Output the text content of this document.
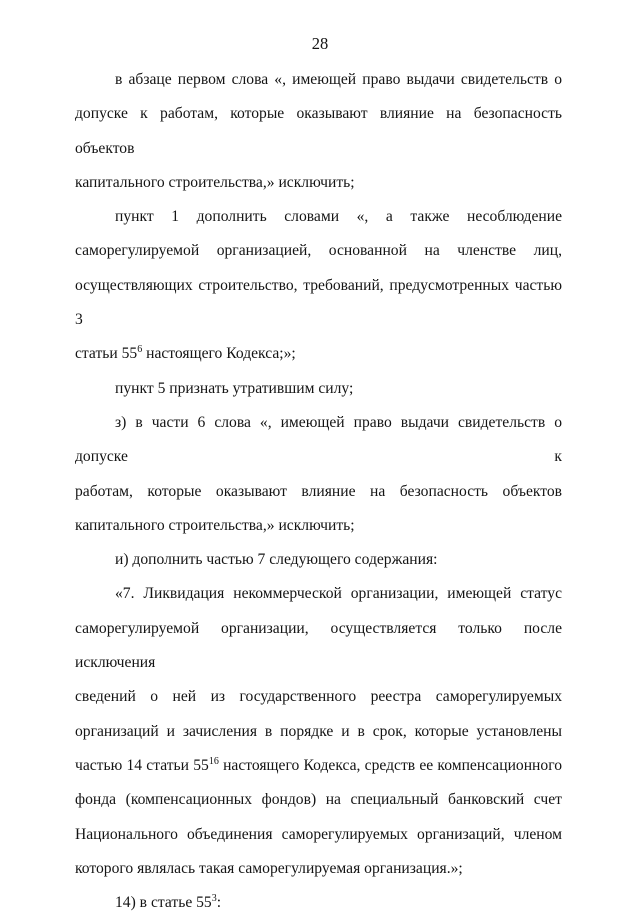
28
в абзаце первом слова «, имеющей право выдачи свидетельств о
допуске к работам, которые оказывают влияние на безопасность объектов
капитального строительства,» исключить;
пункт 1 дополнить словами «, а также несоблюдение
саморегулируемой организацией, основанной на членстве лиц,
осуществляющих строительство, требований, предусмотренных частью 3
статьи $55^6$ настоящего Кодекса;»;
пункт 5 признать утратившим силу;
з) в части 6 слова «, имеющей право выдачи свидетельств о допуске к
работам, которые оказывают влияние на безопасность объектов
капитального строительства,» исключить;
и) дополнить частью 7 следующего содержания:
«7. Ликвидация некоммерческой организации, имеющей статус
саморегулируемой организации, осуществляется только после исключения
сведений о ней из государственного реестра саморегулируемых
организаций и зачисления в порядке и в срок, которые установлены
частью 14 статьи $55^{16}$ настоящего Кодекса, средств ее компенсационного
фонда (компенсационных фондов) на специальный банковский счет
Национального объединения саморегулируемых организаций, членом
которого являлась такая саморегулируемая организация.»;
14) в статье $55^3$:
